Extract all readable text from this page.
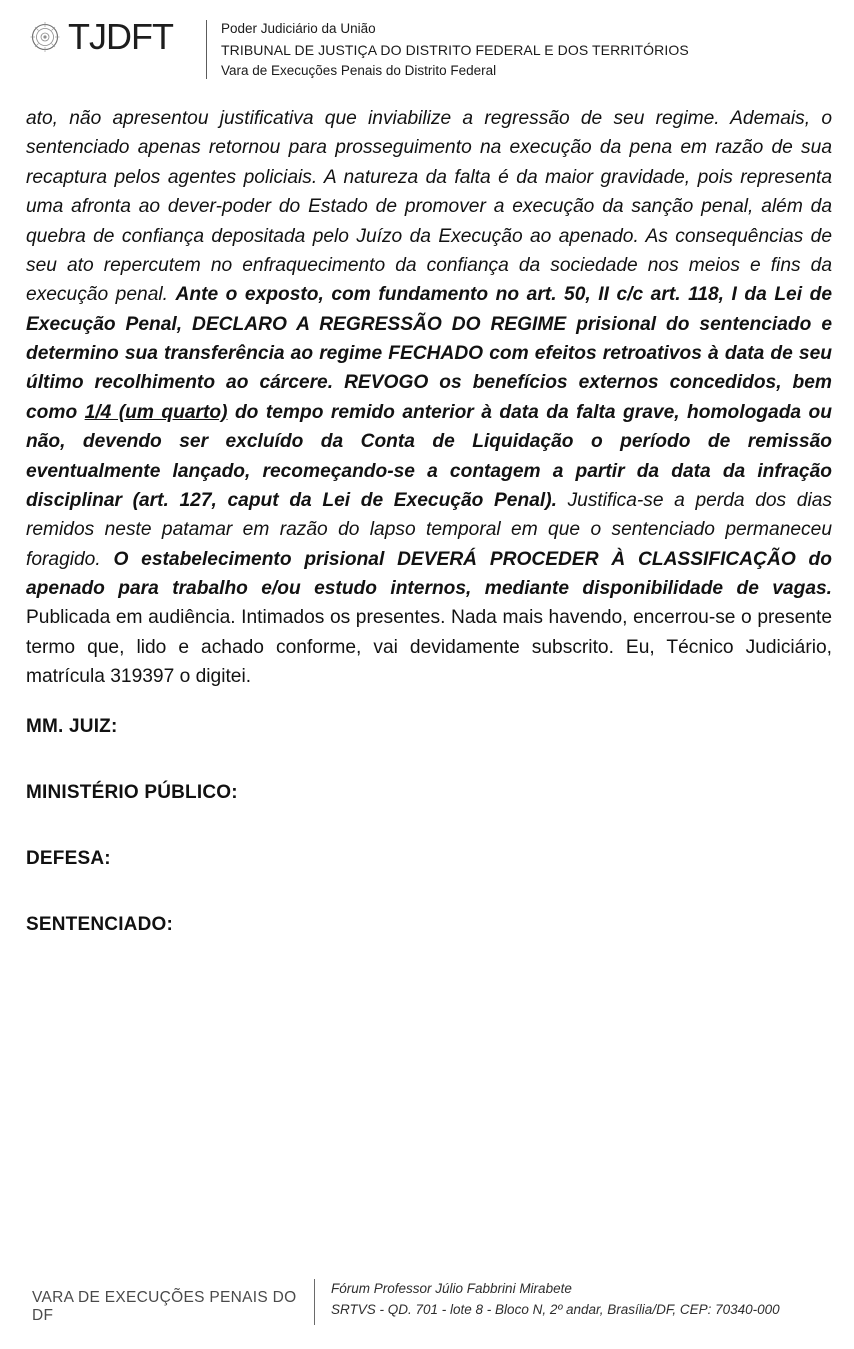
TJDFT	Poder Judiciário da União
TRIBUNAL DE JUSTIÇA DO DISTRITO FEDERAL E DOS TERRITÓRIOS
Vara de Execuções Penais do Distrito Federal

ato, não apresentou justificativa que inviabilize a regressão de seu regime. Ademais, o sentenciado apenas retornou para prosseguimento na execução da pena em razão de sua recaptura pelos agentes policiais. A natureza da falta é da maior gravidade, pois representa uma afronta ao dever-poder do Estado de promover a execução da sanção penal, além da quebra de confiança depositada pelo Juízo da Execução ao apenado. As consequências de seu ato repercutem no enfraquecimento da confiança da sociedade nos meios e fins da execução penal. Ante o exposto, com fundamento no art. 50, II c/c art. 118, I da Lei de Execução Penal, DECLARO A REGRESSÃO DO REGIME prisional do sentenciado e determino sua transferência ao regime FECHADO com efeitos retroativos à data de seu último recolhimento ao cárcere. REVOGO os benefícios externos concedidos, bem como 1/4 (um quarto) do tempo remido anterior à data da falta grave, homologada ou não, devendo ser excluído da Conta de Liquidação o período de remissão eventualmente lançado, recomeçando-se a contagem a partir da data da infração disciplinar (art. 127, caput da Lei de Execução Penal). Justifica-se a perda dos dias remidos neste patamar em razão do lapso temporal em que o sentenciado permaneceu foragido. O estabelecimento prisional DEVERÁ PROCEDER À CLASSIFICAÇÃO do apenado para trabalho e/ou estudo internos, mediante disponibilidade de vagas. Publicada em audiência. Intimados os presentes. Nada mais havendo, encerrou-se o presente termo que, lido e achado conforme, vai devidamente subscrito. Eu, Técnico Judiciário, matrícula 319397 o digitei.

MM. JUIZ:
MINISTÉRIO PÚBLICO:
DEFESA:
SENTENCIADO:
VARA DE EXECUÇÕES PENAIS DO DF
Fórum Professor Júlio Fabbrini Mirabete
SRTVS - QD. 701 - lote 8 - Bloco N, 2º andar, Brasília/DF, CEP: 70340-000
